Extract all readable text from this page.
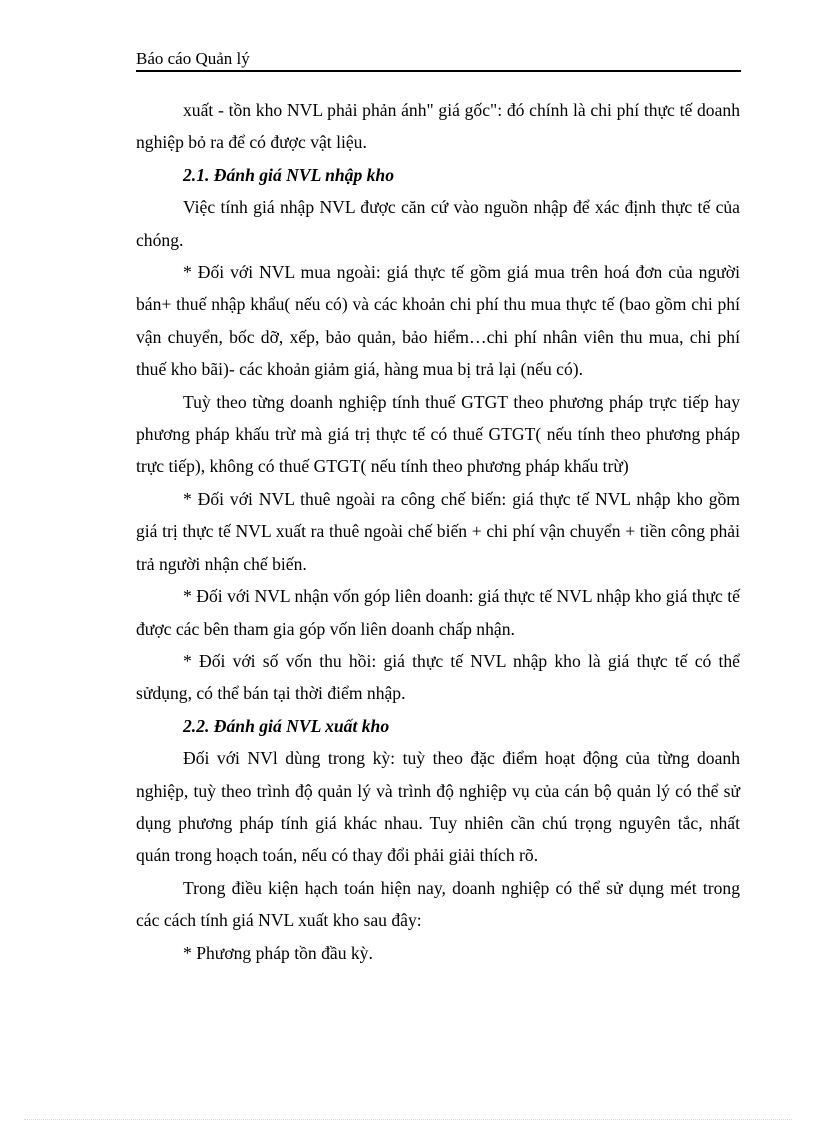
Báo cáo Quản lý

xuất - tồn kho NVL phải phản ánh" giá gốc": đó chính là chi phí thực tế doanh nghiệp bỏ ra để có được vật liệu.

2.1. Đánh giá NVL nhập kho

Việc tính giá nhập NVL được căn cứ vào nguồn nhập để xác định thực tế của chóng.

* Đối với NVL mua ngoài: giá thực tế gồm giá mua trên hoá đơn của người bán+ thuế nhập khẩu( nếu có) và các khoản chi phí thu mua thực tế (bao gồm chi phí vận chuyển, bốc dỡ, xếp, bảo quản, bảo hiểm…chi phí nhân viên thu mua, chi phí thuế kho bãi)- các khoản giảm giá, hàng mua bị trả lại (nếu có).

Tuỳ theo từng doanh nghiệp tính thuế GTGT theo phương pháp trực tiếp hay phương pháp khấu trừ mà giá trị thực tế có thuế GTGT( nếu tính theo phương pháp trực tiếp), không có thuế GTGT( nếu tính theo phương pháp khấu trừ)

* Đối với NVL thuê ngoài ra công chế biến: giá thực tế NVL nhập kho gồm giá trị thực tế NVL xuất ra thuê ngoài chế biến + chi phí vận chuyển + tiền công phải trả người nhận chế biến.

* Đối với NVL nhận vốn góp liên doanh: giá thực tế NVL nhập kho giá thực tế được các bên tham gia góp vốn liên doanh chấp nhận.

* Đối với số vốn thu hồi: giá thực tế NVL nhập kho là giá thực tế có thể sửdụng, có thể bán tại thời điểm nhập.

2.2. Đánh giá NVL xuất kho

Đối với NVl dùng trong kỳ: tuỳ theo đặc điểm hoạt động của từng doanh nghiệp, tuỳ theo trình độ quản lý và trình độ nghiệp vụ của cán bộ quản lý có thể sử dụng phương pháp tính giá khác nhau. Tuy nhiên cần chú trọng nguyên tắc, nhất quán trong hoạch toán, nếu có thay đổi phải giải thích rõ.

Trong điều kiện hạch toán hiện nay, doanh nghiệp có thể sử dụng mét trong các cách tính giá NVL xuất kho sau đây:

* Phương pháp tồn đầu kỳ.
